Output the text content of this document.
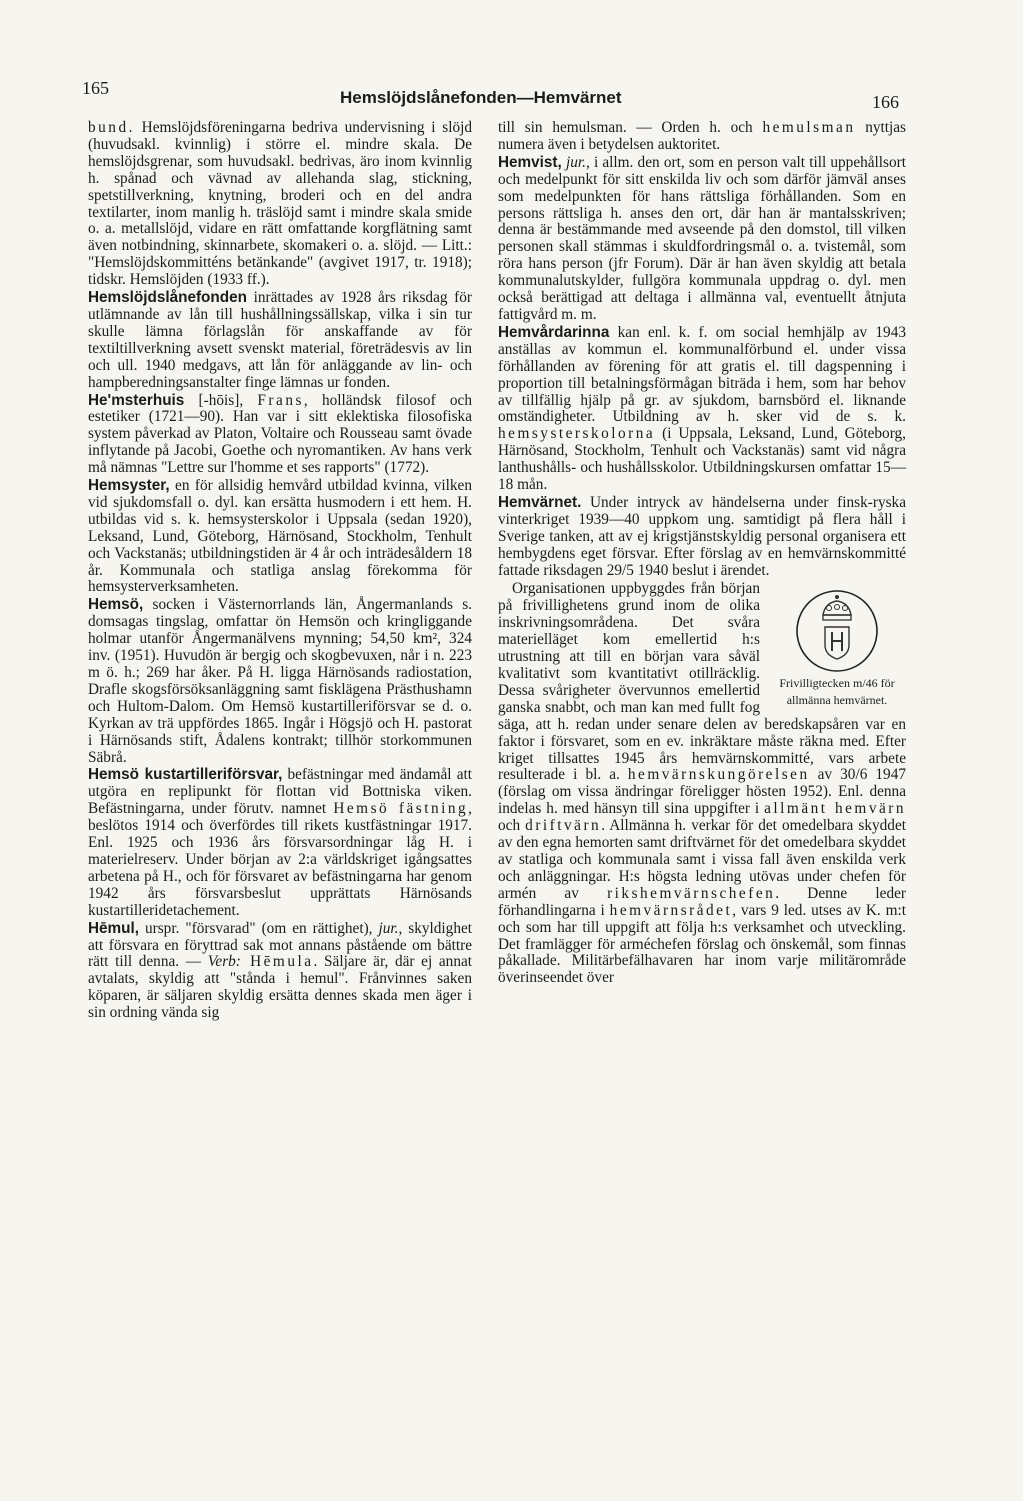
165	Hemslöjdslånefonden—Hemvärnet	166

bund. Hemslöjdsföreningarna bedriva undervisning i slöjd (huvudsakl. kvinnlig) i större el. mindre skala. De hemslöjdsgrenar, som huvudsakl. bedrivas, äro inom kvinnlig h. spånad och vävnad av allehanda slag, stickning, spetstillverkning, knytning, broderi och en del andra textilarter, inom manlig h. träslöjd samt i mindre skala smide o. a. metallslöjd, vidare en rätt omfattande korgflätning samt även notbindning, skinnarbete, skomakeri o. a. slöjd. — Litt.: "Hemslöjdskommitténs betänkande" (avgivet 1917, tr. 1918); tidskr. Hemslöjden (1933 ff.).

Hemslöjdslånefonden inrättades av 1928 års riksdag för utlämnande av lån till hushållningssällskap, vilka i sin tur skulle lämna förlagslån för anskaffande av för textiltillverkning avsett svenskt material, företrädesvis av lin och ull. 1940 medgavs, att lån för anläggande av lin- och hampberedningsanstalter finge lämnas ur fonden.

He'msterhuis [-hōis], Frans, holländsk filosof och estetiker (1721—90). Han var i sitt eklektiska filosofiska system påverkad av Platon, Voltaire och Rousseau samt övade inflytande på Jacobi, Goethe och nyromantiken. Av hans verk må nämnas "Lettre sur l'homme et ses rapports" (1772).

Hemsyster, en för allsidig hemvård utbildad kvinna, vilken vid sjukdomsfall o. dyl. kan ersätta husmodern i ett hem. H. utbildas vid s. k. hemsysterskolor i Uppsala (sedan 1920), Leksand, Lund, Göteborg, Härnösand, Stockholm, Tenhult och Vackstanäs; utbildningstiden är 4 år och inträdesåldern 18 år. Kommunala och statliga anslag förekomma för hemsysterverksamheten.

Hemsö, socken i Västernorrlands län, Ångermanlands s. domsagas tingslag, omfattar ön Hemsön och kringliggande holmar utanför Ångermanälvens mynning; 54,50 km², 324 inv. (1951). Huvudön är bergig och skogbevuxen, når i n. 223 m ö. h.; 269 har åker. På H. ligga Härnösands radiostation, Drafle skogsförsöksanläggning samt fisklägena Prästhushamn och Hultom-Dalom. Om Hemsö kustartilleriförsvar se d. o. Kyrkan av trä uppfördes 1865. Ingår i Högsjö och H. pastorat i Härnösands stift, Ådalens kontrakt; tillhör storkommunen Säbrå.

Hemsö kustartilleriförsvar, befästningar med ändamål att utgöra en replipunkt för flottan vid Bottniska viken. Befästningarna, under förutv. namnet Hemsö fästning, beslötos 1914 och överfördes till rikets kustfästningar 1917. Enl. 1925 och 1936 års försvarsordningar låg H. i materielreserv. Under början av 2:a världskriget igångsattes arbetena på H., och för försvaret av befästningarna har genom 1942 års försvarsbeslut upprättats Härnösands kustartilleridetachement.

Hēmul, urspr. "försvarad" (om en rättighet), jur., skyldighet att försvara en föryttrad sak mot annans påstående om bättre rätt till denna. — Verb: Hēmula. Säljare är, där ej annat avtalats, skyldig att "stånda i hemul". Frånvinnes saken köparen, är säljaren skyldig ersätta dennes skada men äger i sin ordning vända sig

till sin hemulsman. — Orden h. och hemulsman nyttjas numera även i betydelsen auktoritet.

Hemvist, jur., i allm. den ort, som en person valt till uppehållsort och medelpunkt för sitt enskilda liv och som därför jämväl anses som medelpunkten för hans rättsliga förhållanden. Som en persons rättsliga h. anses den ort, där han är mantalsskriven; denna är bestämmande med avseende på den domstol, till vilken personen skall stämmas i skuldfordringsmål o. a. tvistemål, som röra hans person (jfr Forum). Där är han även skyldig att betala kommunalutskylder, fullgöra kommunala uppdrag o. dyl. men också berättigad att deltaga i allmänna val, eventuellt åtnjuta fattigvård m. m.

Hemvårdarinna kan enl. k. f. om social hemhjälp av 1943 anställas av kommun el. kommunalförbund el. under vissa förhållanden av förening för att gratis el. till dagspenning i proportion till betalningsförmågan biträda i hem, som har behov av tillfällig hjälp på gr. av sjukdom, barnsbörd el. liknande omständigheter. Utbildning av h. sker vid de s. k. hemsysterskolorna (i Uppsala, Leksand, Lund, Göteborg, Härnösand, Stockholm, Tenhult och Vackstanäs) samt vid några lanthushålls- och hushållsskolor. Utbildningskursen omfattar 15—18 mån.

Hemvärnet. Under intryck av händelserna under finsk-ryska vinterkriget 1939—40 uppkom ung. samtidigt på flera håll i Sverige tanken, att av ej krigstjänstskyldig personal organisera ett hembygdens eget försvar. Efter förslag av en hemvärnskommitté fattade riksdagen 29/5 1940 beslut i ärendet.

Frivilligtecken m/46 för allmänna hemvärnet.
Organisationen uppbyggdes från början på frivillighetens grund inom de olika inskrivningsområdena. Det svåra materielläget kom emellertid h:s utrustning att till en början vara såväl kvalitativt som kvantitativt otillräcklig. Dessa svårigheter övervunnos emellertid ganska snabbt, och man kan med fullt fog säga, att h. redan under senare delen av beredskapsåren var en faktor i försvaret, som en ev. inkräktare måste räkna med. Efter kriget tillsattes 1945 års hemvärnskommitté, vars arbete resulterade i bl. a. hemvärnskungörelsen av 30/6 1947 (förslag om vissa ändringar föreligger hösten 1952). Enl. denna indelas h. med hänsyn till sina uppgifter i allmänt hemvärn och driftvärn. Allmänna h. verkar för det omedelbara skyddet av den egna hemorten samt driftvärnet för det omedelbara skyddet av statliga och kommunala samt i vissa fall även enskilda verk och anläggningar. H:s högsta ledning utövas under chefen för armén av rikshemvärnschefen. Denne leder förhandlingarna i hemvärnsrådet, vars 9 led. utses av K. m:t och som har till uppgift att följa h:s verksamhet och utveckling. Det framlägger för arméchefen förslag och önskemål, som finnas påkallade. Militärbefälhavaren har inom varje militärområde överinseendet över
